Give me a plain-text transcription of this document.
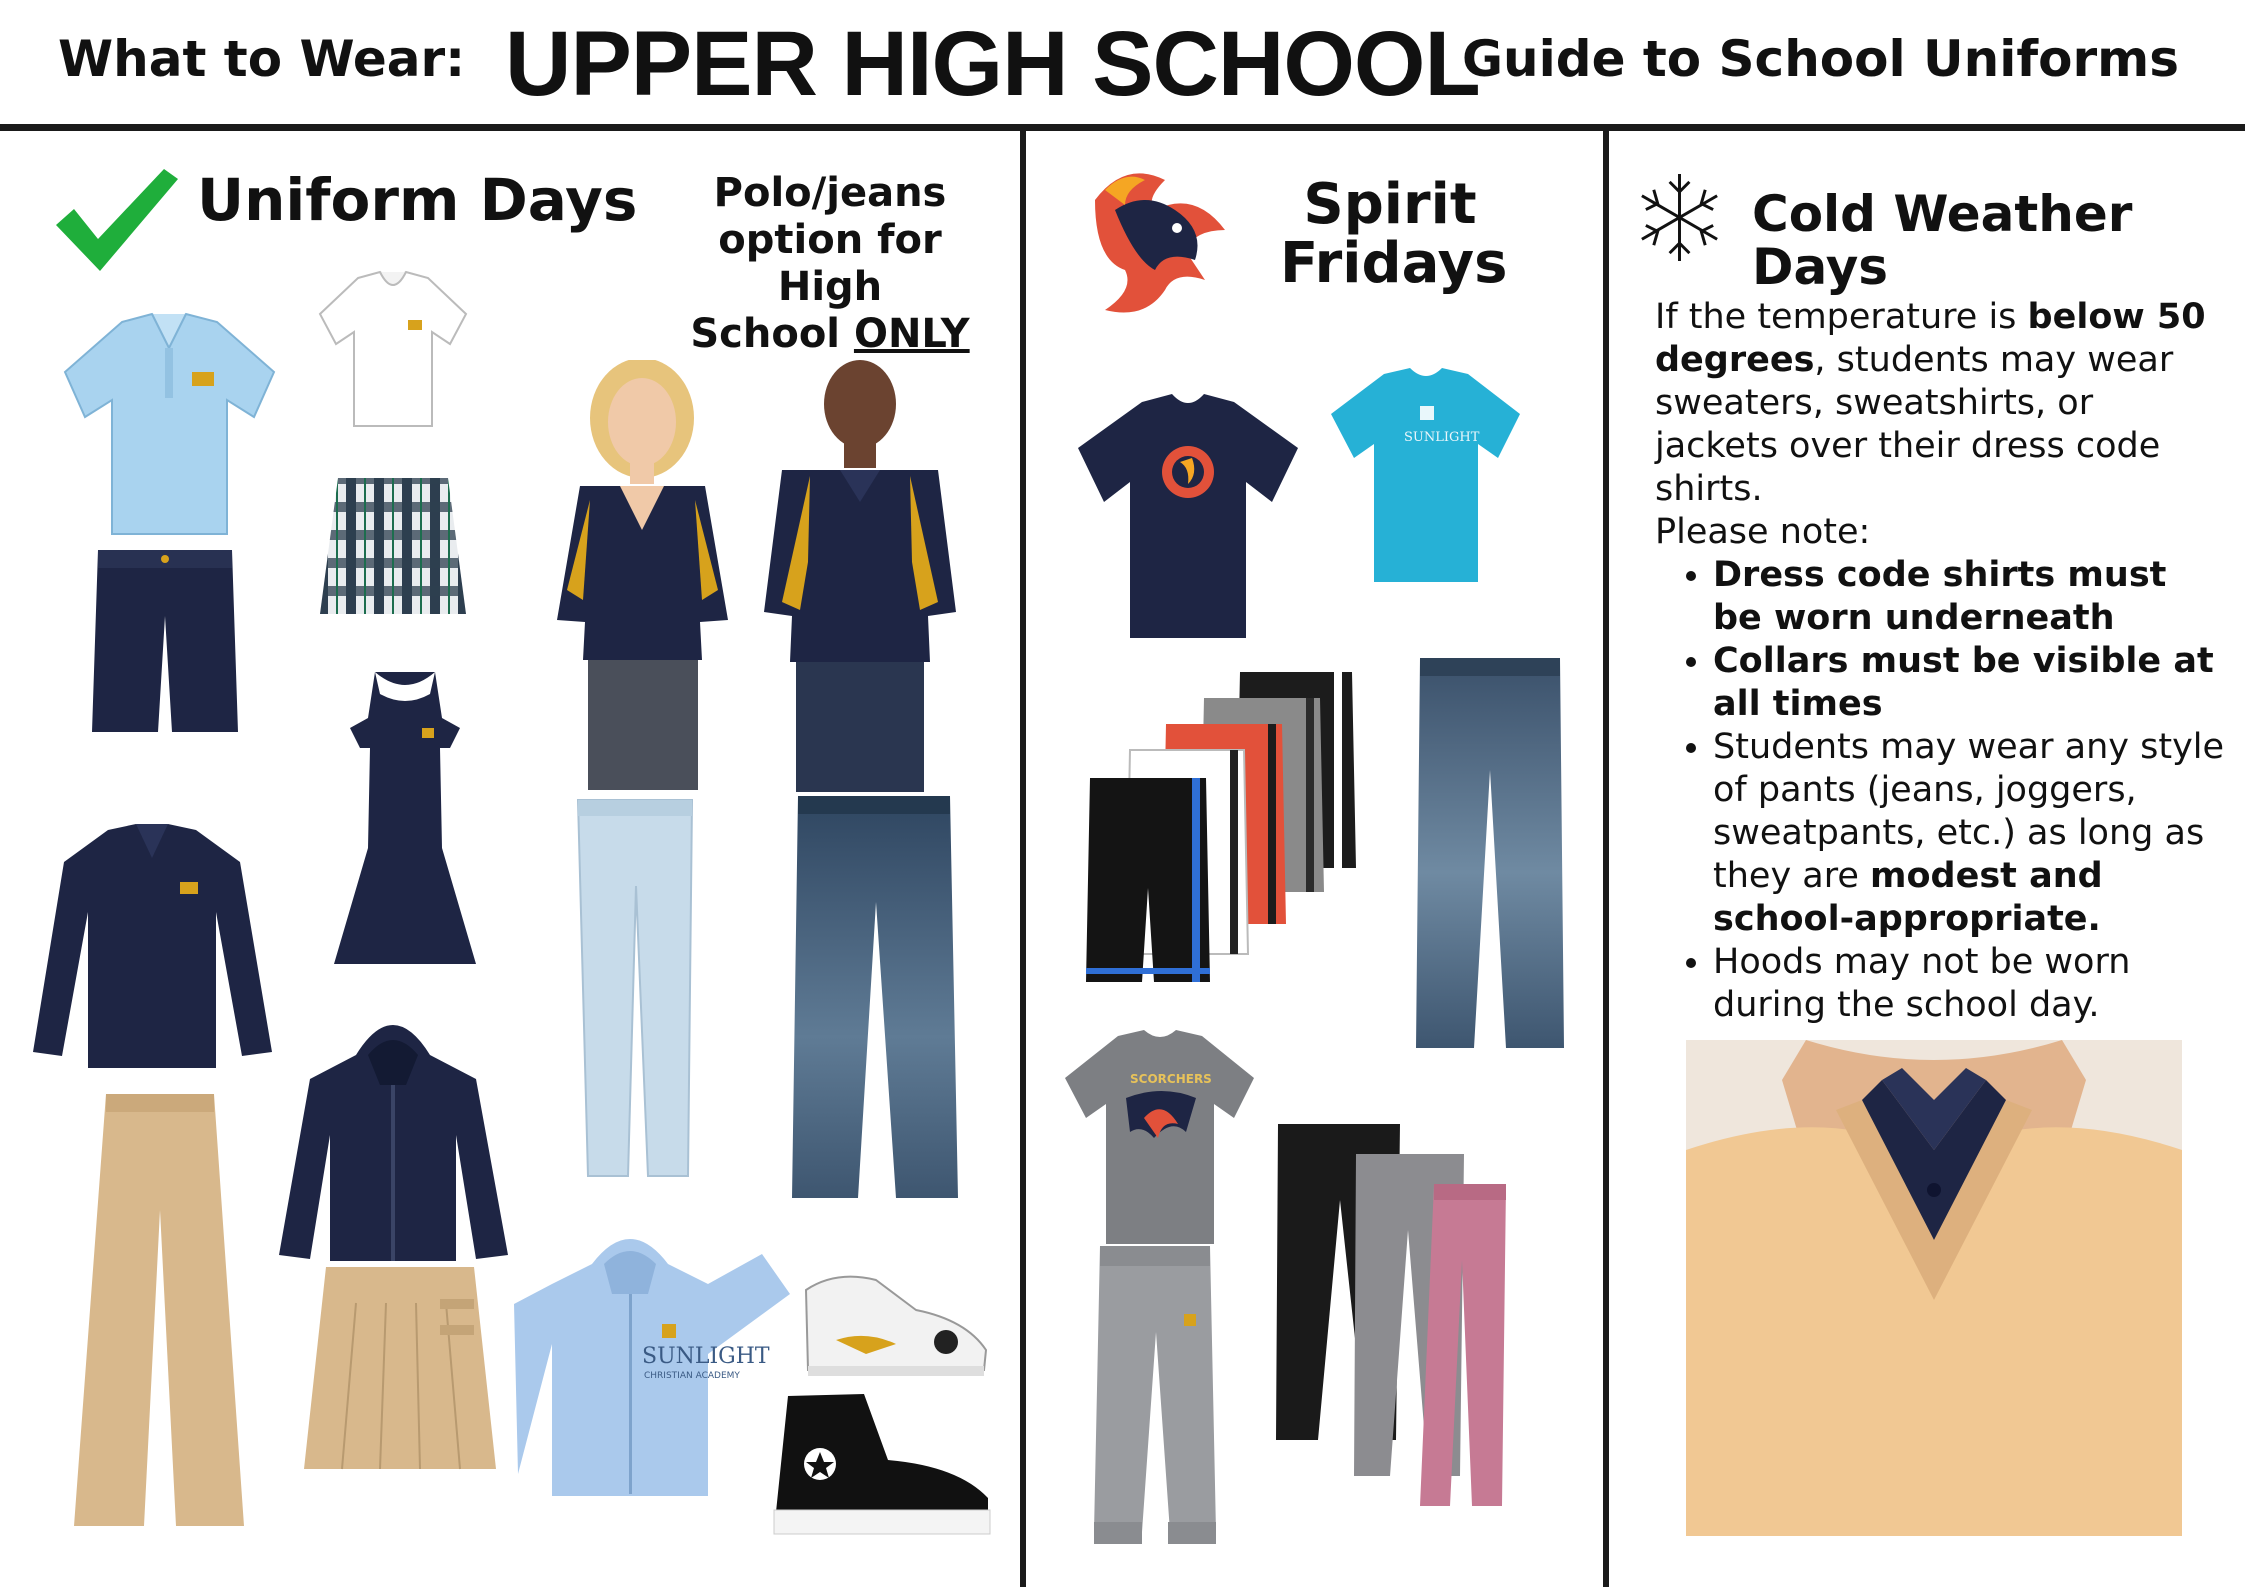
What to Wear: UPPER HIGH SCHOOL
Guide to School Uniforms
Uniform Days	Polo/jeans
option for High
School ONLY
SUNLIGHT
CHRISTIAN ACADEMY
Spirit
Fridays
SUNLIGHT
SCORCHERS
Cold Weather Days

If the temperature is below 50 degrees, students may wear sweaters, sweatshirts, or jackets over their dress code shirts.

Please note:

• Dress code shirts must be worn underneath
• Collars must be visible at all times
• Students may wear any style of pants (jeans, joggers, sweatpants, etc.) as long as they are modest and school-appropriate.
• Hoods may not be worn during the school day.
